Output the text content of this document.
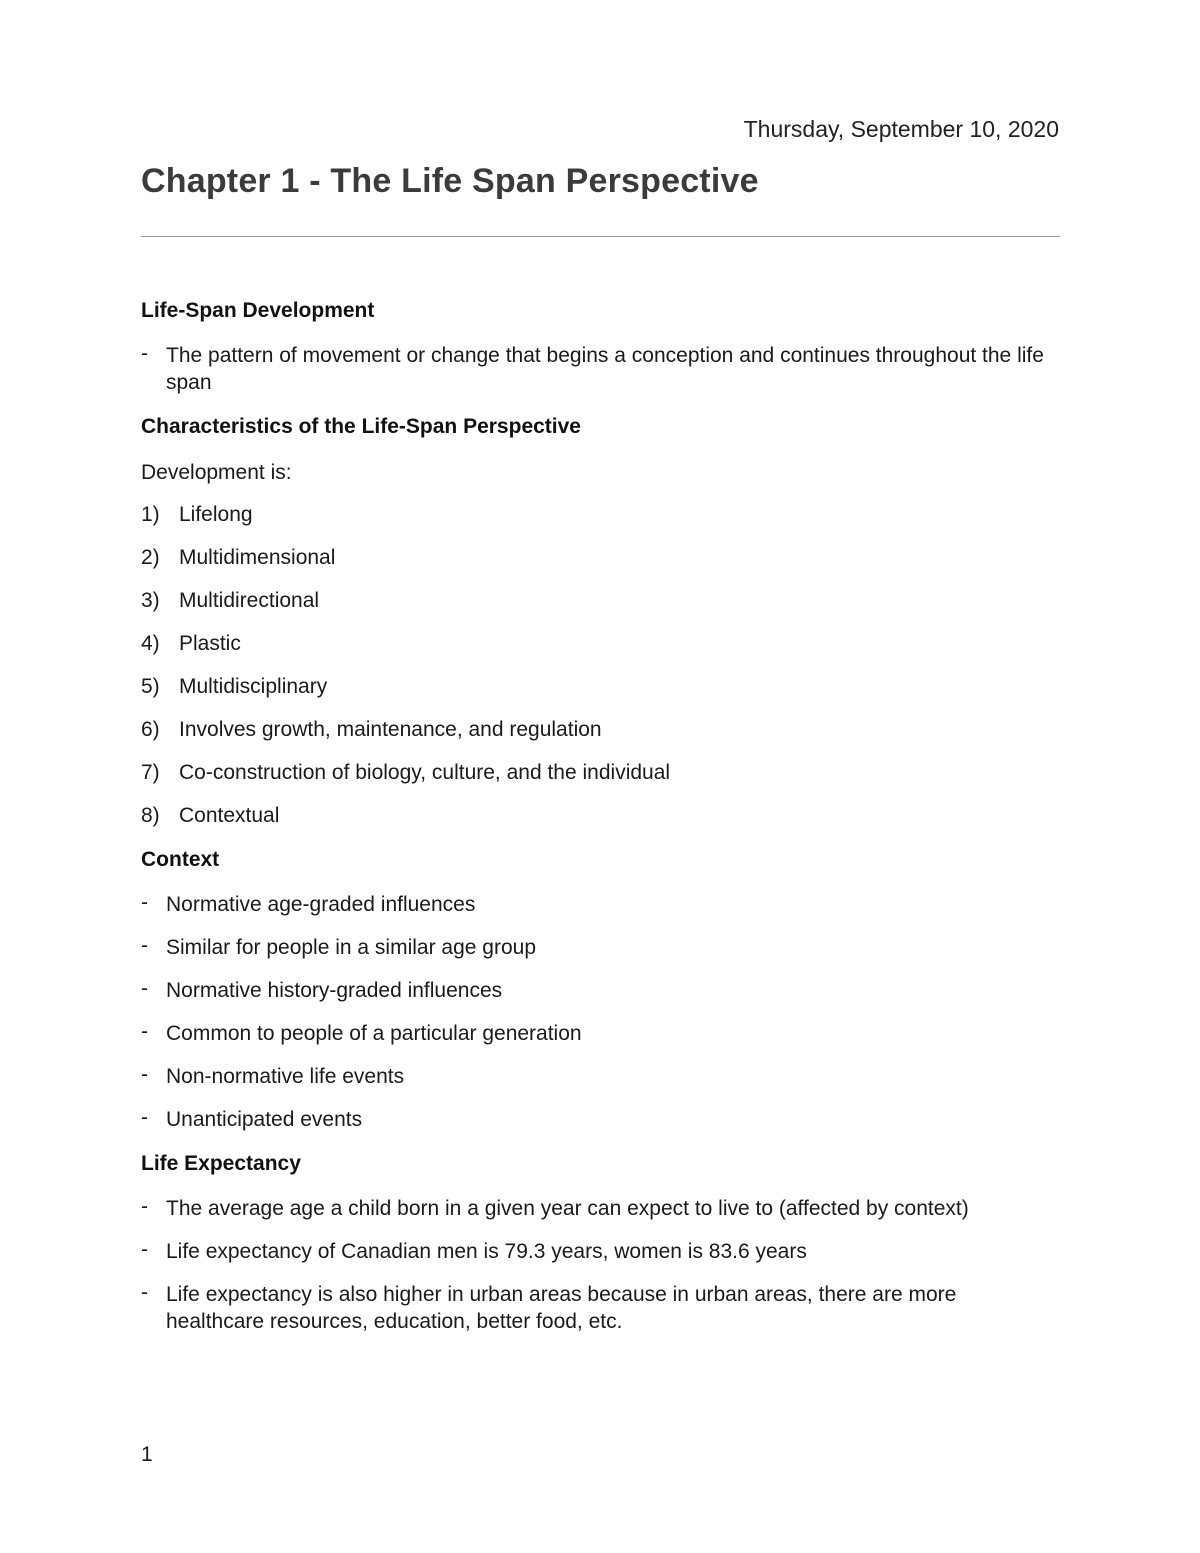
Thursday, September 10, 2020
Chapter 1 - The Life Span Perspective
Life-Span Development
- The pattern of movement or change that begins a conception and continues throughout the life span
Characteristics of the Life-Span Perspective
Development is:
1) Lifelong
2) Multidimensional
3) Multidirectional
4) Plastic
5) Multidisciplinary
6) Involves growth, maintenance, and regulation
7) Co-construction of biology, culture, and the individual
8) Contextual
Context
- Normative age-graded influences
- Similar for people in a similar age group
- Normative history-graded influences
- Common to people of a particular generation
- Non-normative life events
- Unanticipated events
Life Expectancy
- The average age a child born in a given year can expect to live to (affected by context)
- Life expectancy of Canadian men is 79.3 years, women is 83.6 years
- Life expectancy is also higher in urban areas because in urban areas, there are more healthcare resources, education, better food, etc.
1
